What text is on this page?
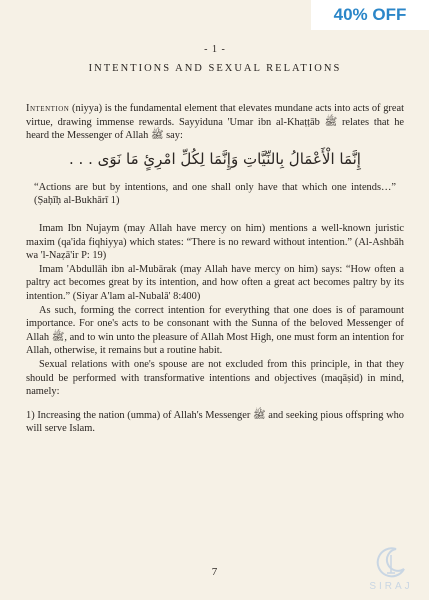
40% OFF
- 1 -
INTENTIONS AND SEXUAL RELATIONS

Intention (niyya) is the fundamental element that elevates mundane acts into acts of great virtue, drawing immense rewards. Sayyiduna 'Umar ibn al-Khaṭṭāb ﷺ relates that he heard the Messenger of Allah ﷺ say:

إِنَّمَا الْأَعْمَالُ بِالنِّيَّاتِ وَإِنَّمَا لِكُلِّ امْرِئٍ مَا نَوَى . . .

“Actions are but by intentions, and one shall only have that which one intends…” (Ṣaḥīḥ al-Bukhārī 1)

Imam Ibn Nujaym (may Allah have mercy on him) mentions a well-known juristic maxim (qa'ida fiqhiyya) which states: “There is no reward without intention.” (Al-Ashbāh wa 'l-Naẓā'ir P: 19)

Imam 'Abdullāh ibn al-Mubārak (may Allah have mercy on him) says: “How often a paltry act becomes great by its intention, and how often a great act becomes paltry by its intention.” (Siyar A'lam al-Nubalā' 8:400)

As such, forming the correct intention for everything that one does is of paramount importance. For one's acts to be consonant with the Sunna of the beloved Messenger of Allah ﷺ, and to win unto the pleasure of Allah Most High, one must form an intention for Allah, otherwise, it remains but a routine habit.

Sexual relations with one's spouse are not excluded from this principle, in that they should be performed with transformative intentions and objectives (maqāṣid) in mind, namely:

1) Increasing the nation (umma) of Allah's Messenger ﷺ and seeking pious offspring who will serve Islam.

7
SIRAJ
